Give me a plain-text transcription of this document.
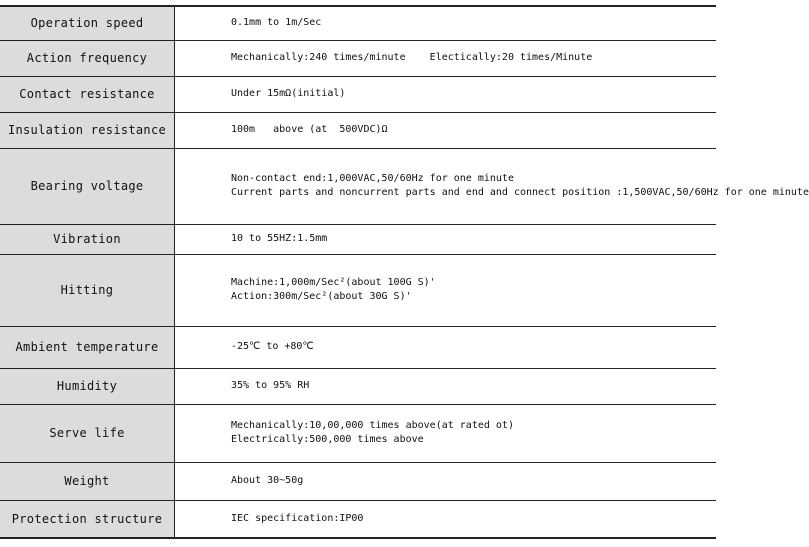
Operation speed	0.1mm to 1m/Sec

Action frequency	Mechanically:240 times/minute    Electically:20 times/Minute

Contact resistance	Under 15mΩ(initial)

Insulation resistance	100m   above (at  500VDC)Ω

Bearing voltage	Non-contact end:1,000VAC,50/60Hz for one minute
Current parts and noncurrent parts and end and connect position :1,500VAC,50/60Hz for one minute

Vibration	10 to 55HZ:1.5mm

Hitting	Machine:1,000m/Sec²(about 100G S)'
Action:300m/Sec²(about 30G S)'

Ambient temperature	-25℃ to +80℃

Humidity	35% to 95% RH

Serve life	Mechanically:10,00,000 times above(at rated ot)
Electrically:500,000 times above

Weight	About 30~50g

Protection structure	IEC specification:IP00
